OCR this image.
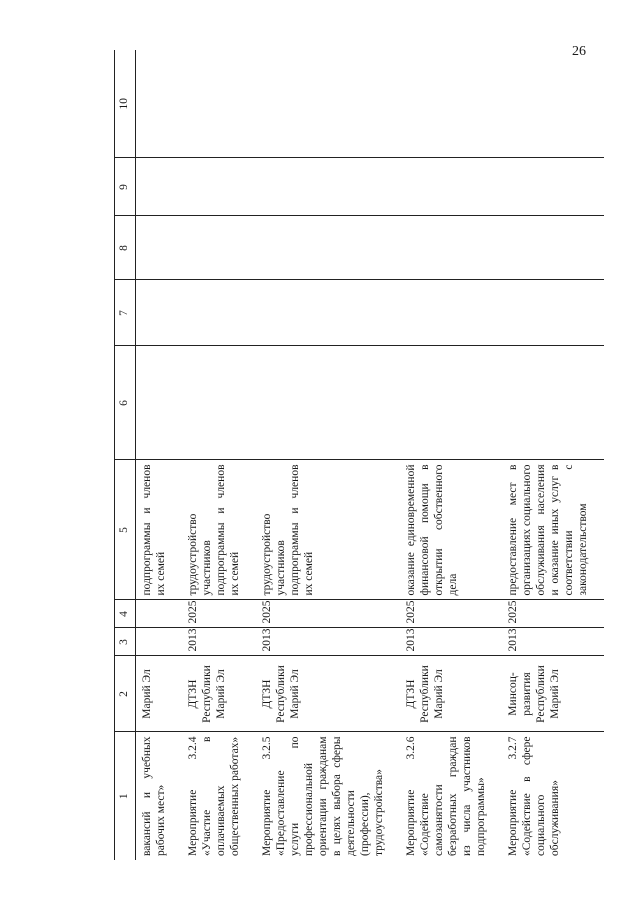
26
1	2	3	4	5	6	7	8	9	10
вакансий и учебных рабочих мест»	Марий Эл			подпрограммы и членов их семей					
Мероприятие 3.2.4 «Участие в оплачиваемых общественных работах»	ДТЗН Республики Марий Эл	2013	2025	трудоустройство участников подпрограммы и членов их семей					
Мероприятие 3.2.5 «Предоставление услуги по профессиональной ориентации гражданам в целях выбора сферы деятельности (профессии), трудоустройства»	ДТЗН Республики Марий Эл	2013	2025	трудоустройство участников подпрограммы и членов их семей					
Мероприятие 3.2.6 «Содействие самозанятости безработных граждан из числа участников подпрограммы»	ДТЗН Республики Марий Эл	2013	2025	оказание единовременной финансовой помощи в открытии собственного дела					
Мероприятие 3.2.7 «Содействие в сфере социального обслуживания»	Минсоц-развития Республики Марий Эл	2013	2025	предоставление мест в организациях социального обслуживания населения и оказание иных услуг в соответствии с законодательством					
